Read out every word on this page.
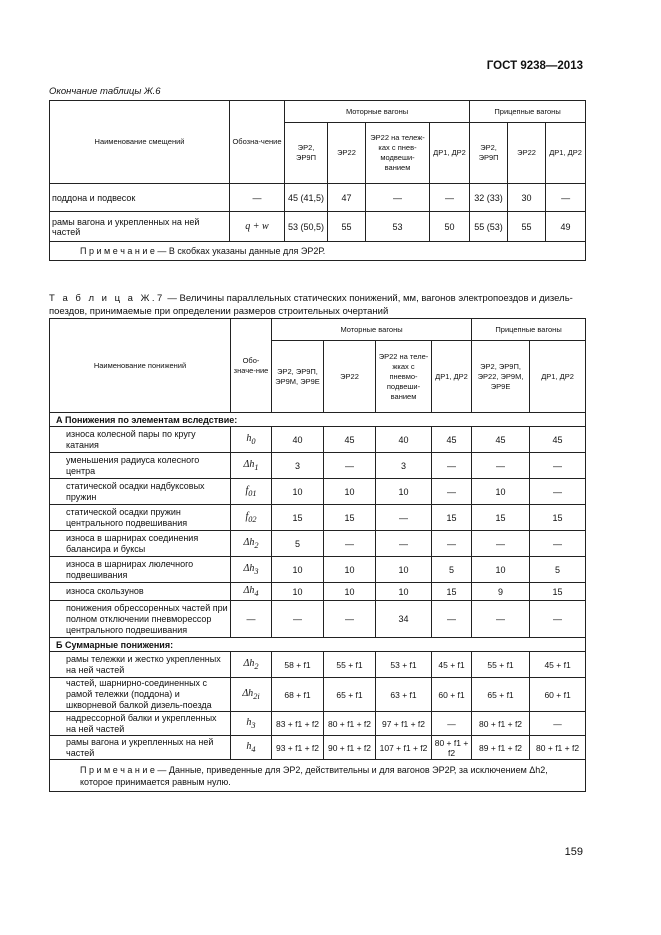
ГОСТ 9238—2013
Окончание таблицы Ж.6
Наименование смещений	Обозна-чение	Моторные вагоны				Прицепные вагоны		
		ЭР2, ЭР9П	ЭР22	ЭР22 на тележ-ках с пнев-модвеши-ванием	ДР1, ДР2	ЭР2, ЭР9П	ЭР22	ДР1, ДР2
поддона и подвесок	—	45 (41,5)	47	—	—	32 (33)	30	—
рамы вагона и укрепленных на ней частей	q + w	53 (50,5)	55	53	50	55 (53)	55	49
П р и м е ч а н и е — В скобках указаны данные для ЭР2Р.								
Т а б л и ц а Ж.7 — Величины параллельных статических понижений, мм, вагонов электропоездов и дизель-поездов, принимаемые при определении размеров строительных очертаний
Наименование понижений	Обо-значе-ние	Моторные вагоны				Прицепные вагоны	
		ЭР2, ЭР9П, ЭР9М, ЭР9Е	ЭР22	ЭР22 на теле-жках с пневмо-подвеши-ванием	ДР1, ДР2	ЭР2, ЭР9П, ЭР22, ЭР9М, ЭР9Е	ДР1, ДР2
А Понижения по элементам вследствие:							
износа колесной пары по кругу катания	$h_0$	40	45	40	45	45	45
уменьшения радиуса колесного центра	$\Delta h_1$	3	—	3	—	—	—
статической осадки надбуксовых пружин	$f_{01}$	10	10	10	—	10	—
статической осадки пружин центрального подвешивания	$f_{02}$	15	15	—	15	15	15
износа в шарнирах соединения балансира и буксы	$\Delta h_2$	5	—	—	—	—	—
износа в шарнирах люлечного подвешивания	$\Delta h_3$	10	10	10	5	10	5
износа скользунов	$\Delta h_4$	10	10	10	15	9	15
понижения обрессоренных частей при полном отключении пневморессор центрального подвешивания	—	—	—	34	—	—	—
Б Суммарные понижения:							
рамы тележки и жестко укрепленных на ней частей	$\Delta h_2$	58 + f1	55 + f1	53 + f1	45 + f1	55 + f1	45 + f1
частей, шарнирно-соединенных с рамой тележки (поддона) и шкворневой балкой дизель-поезда	$\Delta h_{2i}$	68 + f1	65 + f1	63 + f1	60 + f1	65 + f1	60 + f1
надрессорной балки и укрепленных на ней частей	$h_3$	83 + f1 + f2	80 + f1 + f2	97 + f1 + f2	—	80 + f1 + f2	—
рамы вагона и укрепленных на ней частей	$h_4$	93 + f1 + f2	90 + f1 + f2	107 + f1 + f2	80 + f1 + f2	89 + f1 + f2	80 + f1 + f2
П р и м е ч а н и е — Данные, приведенные для ЭР2, действительны и для вагонов ЭР2Р, за исключением Δh2, которое принимается равным нулю.							
159
